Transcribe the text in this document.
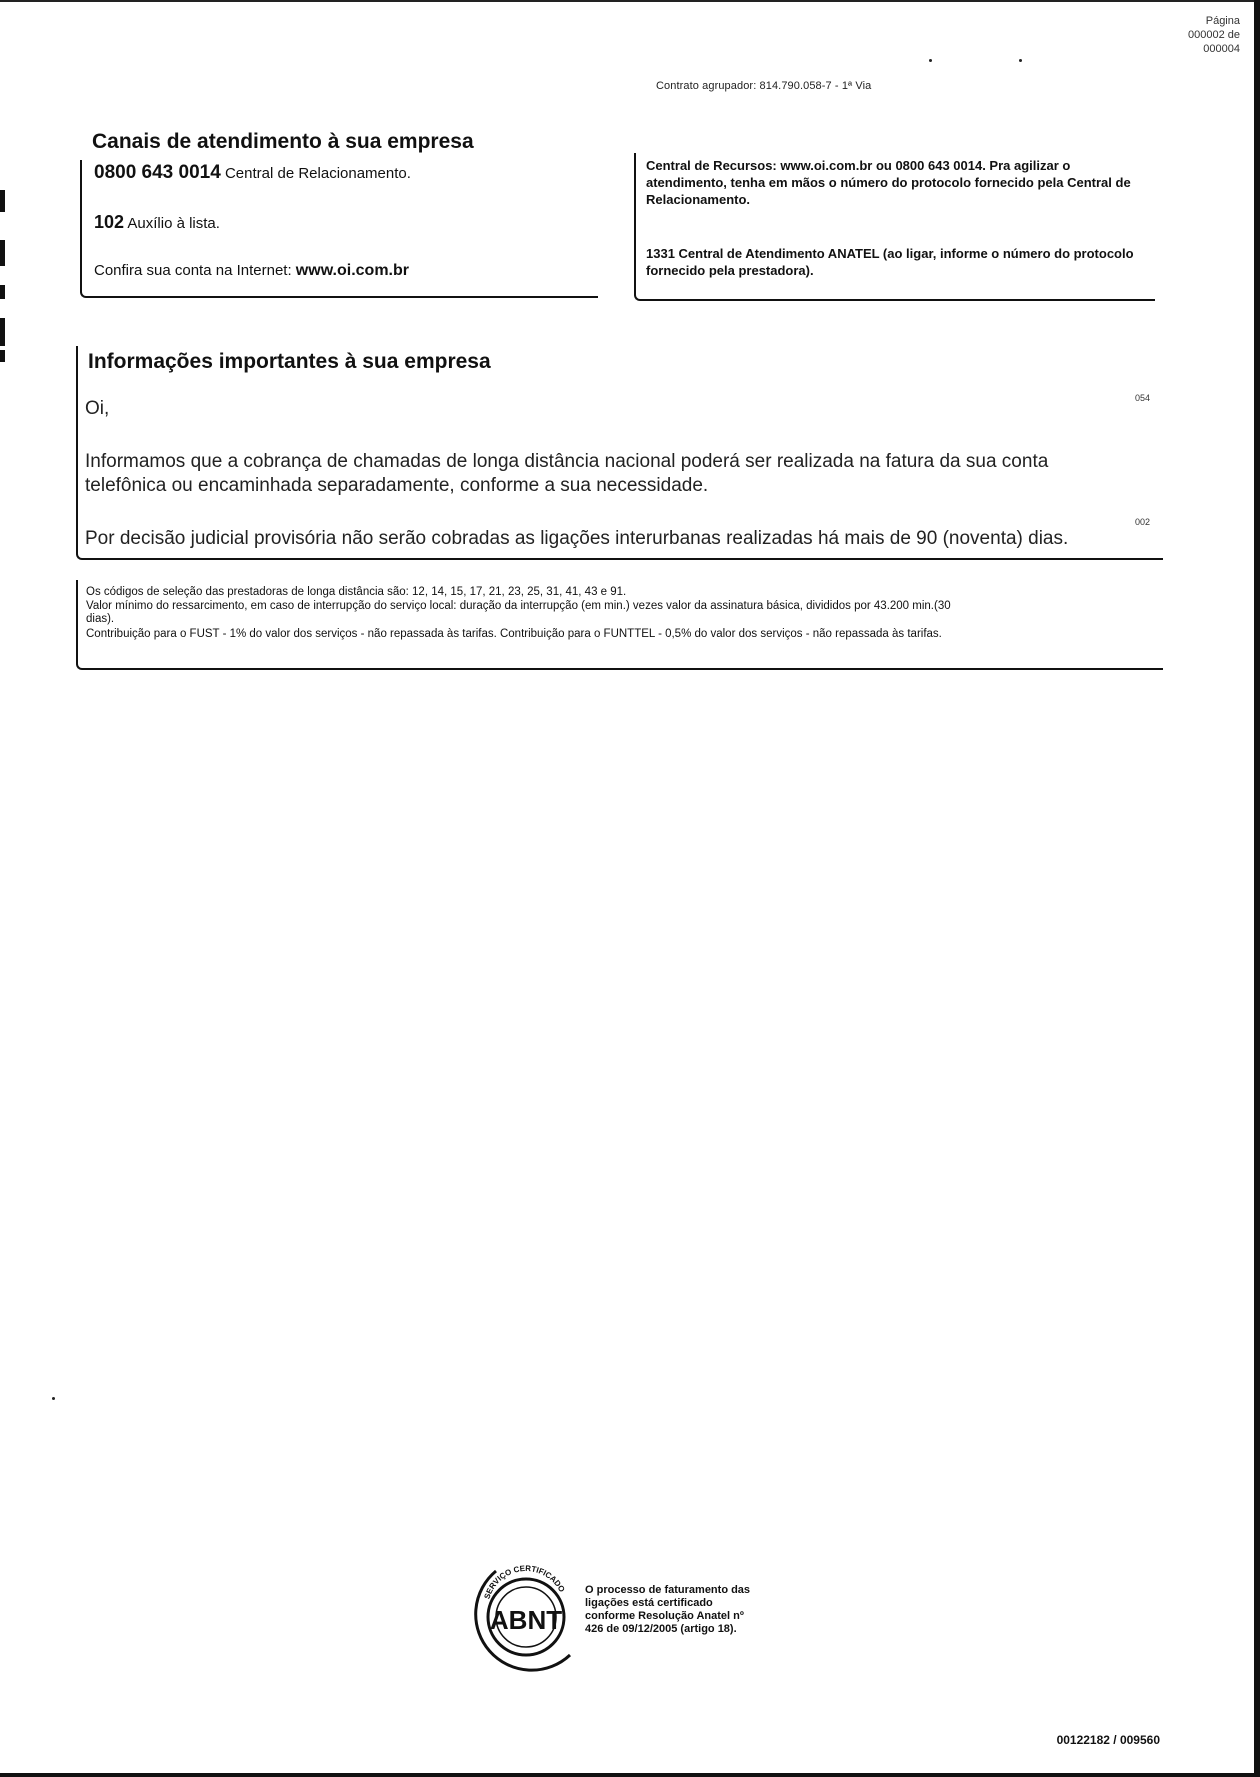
Página
000002 de
000004
Contrato agrupador: 814.790.058-7 - 1ª Via
Canais de atendimento à sua empresa
0800 643 0014 Central de Relacionamento.
102 Auxílio à lista.
Confira sua conta na Internet: www.oi.com.br
Central de Recursos: www.oi.com.br ou 0800 643 0014. Pra agilizar o atendimento, tenha em mãos o número do protocolo fornecido pela Central de Relacionamento.
1331 Central de Atendimento ANATEL (ao ligar, informe o número do protocolo fornecido pela prestadora).
Informações importantes à sua empresa
Oi,
Informamos que a cobrança de chamadas de longa distância nacional poderá ser realizada na fatura da sua conta telefônica ou encaminhada separadamente, conforme a sua necessidade.
Por decisão judicial provisória não serão cobradas as ligações interurbanas realizadas há mais de 90 (noventa) dias.
054
002
Os códigos de seleção das prestadoras de longa distância são: 12, 14, 15, 17, 21, 23, 25, 31, 41, 43 e 91.
Valor mínimo do ressarcimento, em caso de interrupção do serviço local: duração da interrupção (em min.) vezes valor da assinatura básica, divididos por 43.200 min.(30
dias).
Contribuição para o FUST - 1% do valor dos serviços - não repassada às tarifas. Contribuição para o FUNTTEL - 0,5% do valor dos serviços - não repassada às tarifas.
SERVIÇO CERTIFICADO
ABNT
O processo de faturamento das ligações está certificado conforme Resolução Anatel nº 426 de 09/12/2005 (artigo 18).
00122182 / 009560
